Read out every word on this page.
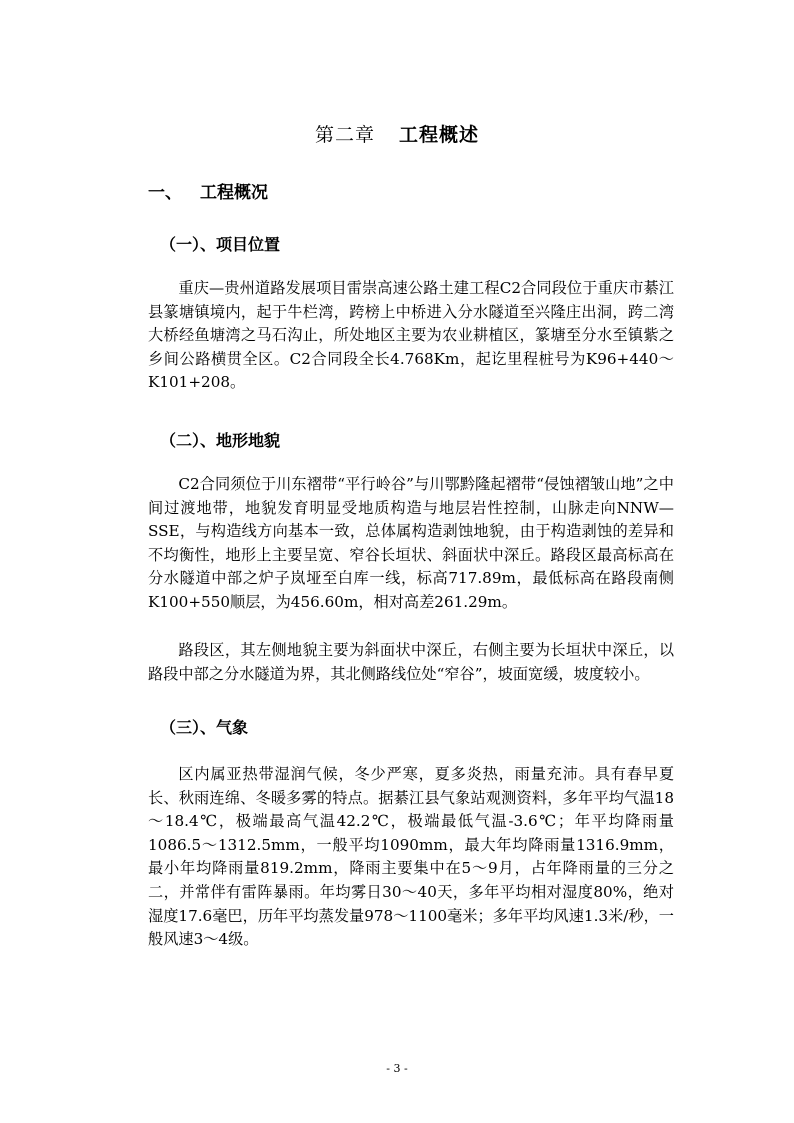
第二章 工程概述
一、 工程概况
（一）、项目位置

重庆—贵州道路发展项目雷崇高速公路土建工程C2合同段位于重庆市綦江县篆塘镇境内，起于牛栏湾，跨榜上中桥进入分水隧道至兴隆庄出洞，跨二湾大桥经鱼塘湾之马石沟止，所处地区主要为农业耕植区，篆塘至分水至镇紫之乡间公路横贯全区。C2合同段全长4.768Km，起讫里程桩号为K96+440～K101+208。

（二）、地形地貌

C2合同须位于川东褶带“平行岭谷”与川鄂黔隆起褶带“侵蚀褶皱山地”之中间过渡地带，地貌发育明显受地质构造与地层岩性控制，山脉走向NNW—SSE，与构造线方向基本一致，总体属构造剥蚀地貌，由于构造剥蚀的差异和不均衡性，地形上主要呈宽、窄谷长垣状、斜面状中深丘。路段区最高标高在分水隧道中部之炉子岚垭至白库一线，标高717.89m，最低标高在路段南侧K100+550顺层，为456.60m，相对高差261.29m。

路段区，其左侧地貌主要为斜面状中深丘，右侧主要为长垣状中深丘，以路段中部之分水隧道为界，其北侧路线位处“窄谷”，坡面宽缓，坡度较小。

（三）、气象

区内属亚热带湿润气候，冬少严寒，夏多炎热，雨量充沛。具有春早夏长、秋雨连绵、冬暖多雾的特点。据綦江县气象站观测资料，多年平均气温18～18.4℃，极端最高气温42.2℃，极端最低气温-3.6℃；年平均降雨量1086.5～1312.5mm，一般平均1090mm，最大年均降雨量1316.9mm，最小年均降雨量819.2mm，降雨主要集中在5～9月，占年降雨量的三分之二，并常伴有雷阵暴雨。年均雾日30～40天，多年平均相对湿度80%，绝对湿度17.6毫巴，历年平均蒸发量978～1100毫米；多年平均风速1.3米/秒，一般风速3～4级。

- 3 -
